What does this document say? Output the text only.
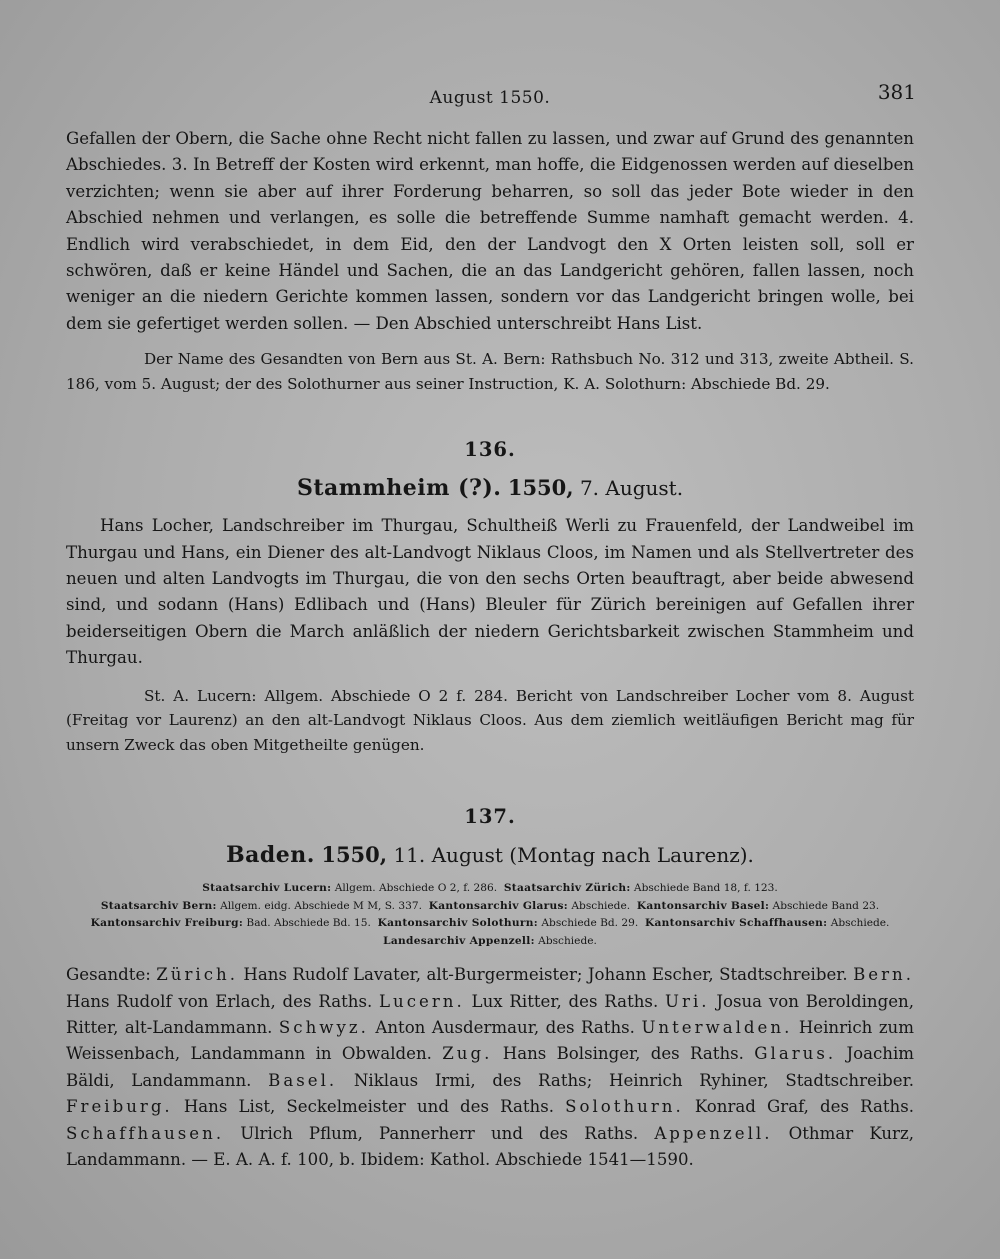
August 1550.	381

Gefallen der Obern, die Sache ohne Recht nicht fallen zu lassen, und zwar auf Grund des genannten Abschiedes. 3. In Betreff der Kosten wird erkennt, man hoffe, die Eidgenossen werden auf dieselben verzichten; wenn sie aber auf ihrer Forderung beharren, so soll das jeder Bote wieder in den Abschied nehmen und verlangen, es solle die betreffende Summe namhaft gemacht werden. 4. Endlich wird verabschiedet, in dem Eid, den der Landvogt den X Orten leisten soll, soll er schwören, daß er keine Händel und Sachen, die an das Landgericht gehören, fallen lassen, noch weniger an die niedern Gerichte kommen lassen, sondern vor das Landgericht bringen wolle, bei dem sie gefertiget werden sollen. — Den Abschied unterschreibt Hans List.

Der Name des Gesandten von Bern aus St. A. Bern: Rathsbuch No. 312 und 313, zweite Abtheil. S. 186, vom 5. August; der des Solothurner aus seiner Instruction, K. A. Solothurn: Abschiede Bd. 29.

136.
Stammheim (?). 1550, 7. August.

Hans Locher, Landschreiber im Thurgau, Schultheiß Werli zu Frauenfeld, der Landweibel im Thurgau und Hans, ein Diener des alt-Landvogt Niklaus Cloos, im Namen und als Stellvertreter des neuen und alten Landvogts im Thurgau, die von den sechs Orten beauftragt, aber beide abwesend sind, und sodann (Hans) Edlibach und (Hans) Bleuler für Zürich bereinigen auf Gefallen ihrer beiderseitigen Obern die March anläßlich der niedern Gerichtsbarkeit zwischen Stammheim und Thurgau.

St. A. Lucern: Allgem. Abschiede O 2 f. 284. Bericht von Landschreiber Locher vom 8. August (Freitag vor Laurenz) an den alt-Landvogt Niklaus Cloos. Aus dem ziemlich weitläufigen Bericht mag für unsern Zweck das oben Mitgetheilte genügen.

137.
Baden. 1550, 11. August (Montag nach Laurenz).
Staatsarchiv Lucern: Allgem. Abschiede O 2, f. 286. Staatsarchiv Zürich: Abschiede Band 18, f. 123.
Staatsarchiv Bern: Allgem. eidg. Abschiede M M, S. 337. Kantonsarchiv Glarus: Abschiede. Kantonsarchiv Basel: Abschiede Band 23.
Kantonsarchiv Freiburg: Bad. Abschiede Bd. 15. Kantonsarchiv Solothurn: Abschiede Bd. 29. Kantonsarchiv Schaffhausen: Abschiede.
Landesarchiv Appenzell: Abschiede.

Gesandte: Zürich. Hans Rudolf Lavater, alt-Burgermeister; Johann Escher, Stadtschreiber. Bern. Hans Rudolf von Erlach, des Raths. Lucern. Lux Ritter, des Raths. Uri. Josua von Beroldingen, Ritter, alt-Landammann. Schwyz. Anton Ausdermaur, des Raths. Unterwalden. Heinrich zum Weissenbach, Landammann in Obwalden. Zug. Hans Bolsinger, des Raths. Glarus. Joachim Bäldi, Landammann. Basel. Niklaus Irmi, des Raths; Heinrich Ryhiner, Stadtschreiber. Freiburg. Hans List, Seckelmeister und des Raths. Solothurn. Konrad Graf, des Raths. Schaffhausen. Ulrich Pflum, Pannerherr und des Raths. Appenzell. Othmar Kurz, Landammann. — E. A. A. f. 100, b. Ibidem: Kathol. Abschiede 1541—1590.
